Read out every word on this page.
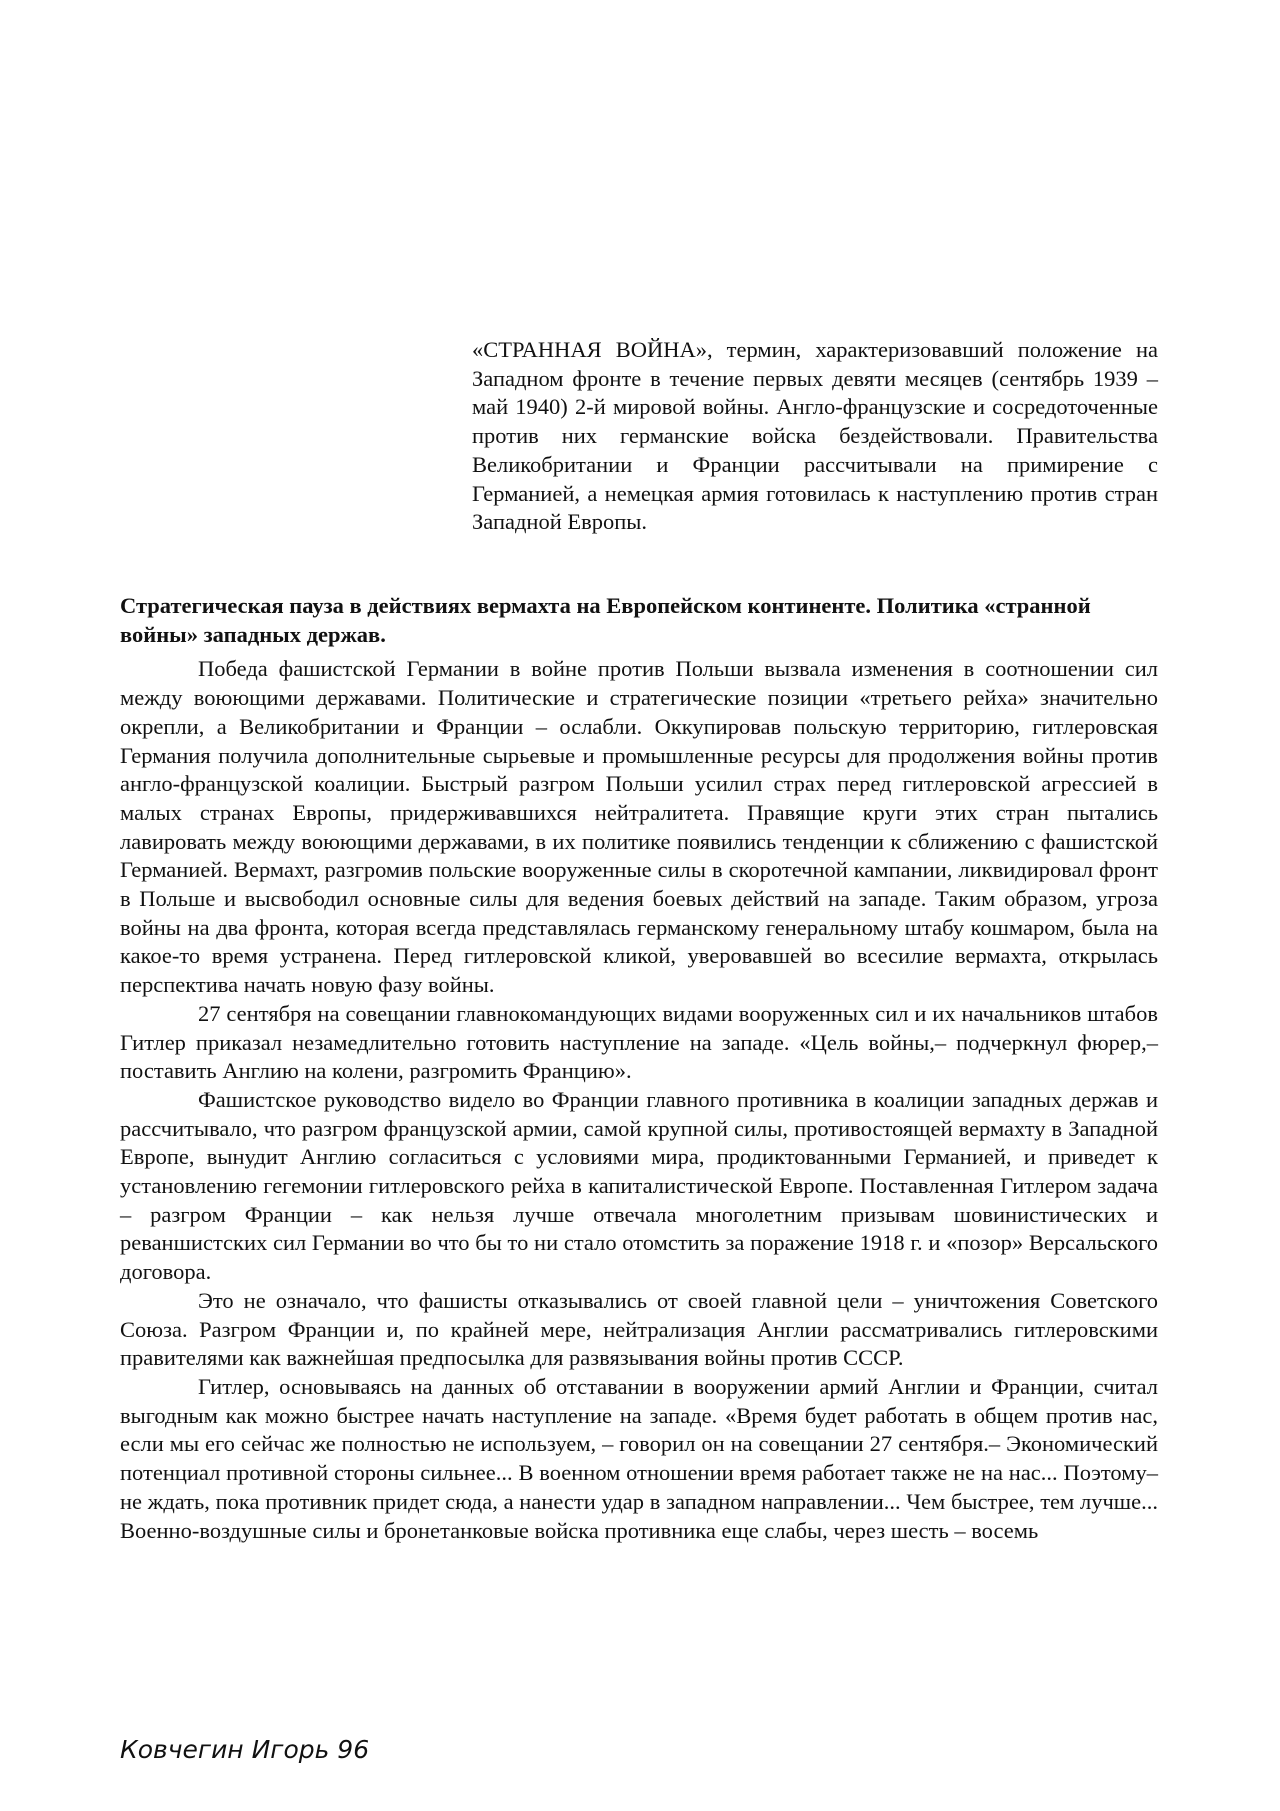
«СТРАННАЯ ВОЙНА», термин, характеризовавший положение на Западном фронте в течение первых девяти месяцев (сентябрь 1939 – май 1940) 2-й мировой войны. Англо-французские и сосредоточенные против них германские войска бездействовали. Правительства Великобритании и Франции рассчитывали на примирение с Германией, а немецкая армия готовилась к наступлению против стран Западной Европы.

Стратегическая пауза в действиях вермахта на Европейском континенте. Политика «странной войны» западных держав.

Победа фашистской Германии в войне против Польши вызвала изменения в соотношении сил между воюющими державами. Политические и стратегические позиции «третьего рейха» значительно окрепли, а Великобритании и Франции – ослабли. Оккупировав польскую территорию, гитлеровская Германия получила дополнительные сырьевые и промышленные ресурсы для продолжения войны против англо-французской коалиции. Быстрый разгром Польши усилил страх перед гитлеровской агрессией в малых странах Европы, придерживавшихся нейтралитета. Правящие круги этих стран пытались лавировать между воюющими державами, в их политике появились тенденции к сближению с фашистской Германией. Вермахт, разгромив польские вооруженные силы в скоротечной кампании, ликвидировал фронт в Польше и высвободил основные силы для ведения боевых действий на западе. Таким образом, угроза войны на два фронта, которая всегда представлялась германскому генеральному штабу кошмаром, была на какое-то время устранена. Перед гитлеровской кликой, уверовавшей во всесилие вермахта, открылась перспектива начать новую фазу войны.

27 сентября на совещании главнокомандующих видами вооруженных сил и их начальников штабов Гитлер приказал незамедлительно готовить наступление на западе. «Цель войны,– подчеркнул фюрер,– поставить Англию на колени, разгромить Францию».

Фашистское руководство видело во Франции главного противника в коалиции западных держав и рассчитывало, что разгром французской армии, самой крупной силы, противостоящей вермахту в Западной Европе, вынудит Англию согласиться с условиями мира, продиктованными Германией, и приведет к установлению гегемонии гитлеровского рейха в капиталистической Европе. Поставленная Гитлером задача – разгром Франции – как нельзя лучше отвечала многолетним призывам шовинистических и реваншистских сил Германии во что бы то ни стало отомстить за поражение 1918 г. и «позор» Версальского договора.

Это не означало, что фашисты отказывались от своей главной цели – уничтожения Советского Союза. Разгром Франции и, по крайней мере, нейтрализация Англии рассматривались гитлеровскими правителями как важнейшая предпосылка для развязывания войны против СССР.

Гитлер, основываясь на данных об отставании в вооружении армий Англии и Франции, считал выгодным как можно быстрее начать наступление на западе. «Время будет работать в общем против нас, если мы его сейчас же полностью не используем, – говорил он на совещании 27 сентября.– Экономический потенциал противной стороны сильнее... В военном отношении время работает также не на нас... Поэтому–не ждать, пока противник придет сюда, а нанести удар в западном направлении... Чем быстрее, тем лучше... Военно-воздушные силы и бронетанковые войска противника еще слабы, через шесть – восемь

Ковчегин Игорь 96
